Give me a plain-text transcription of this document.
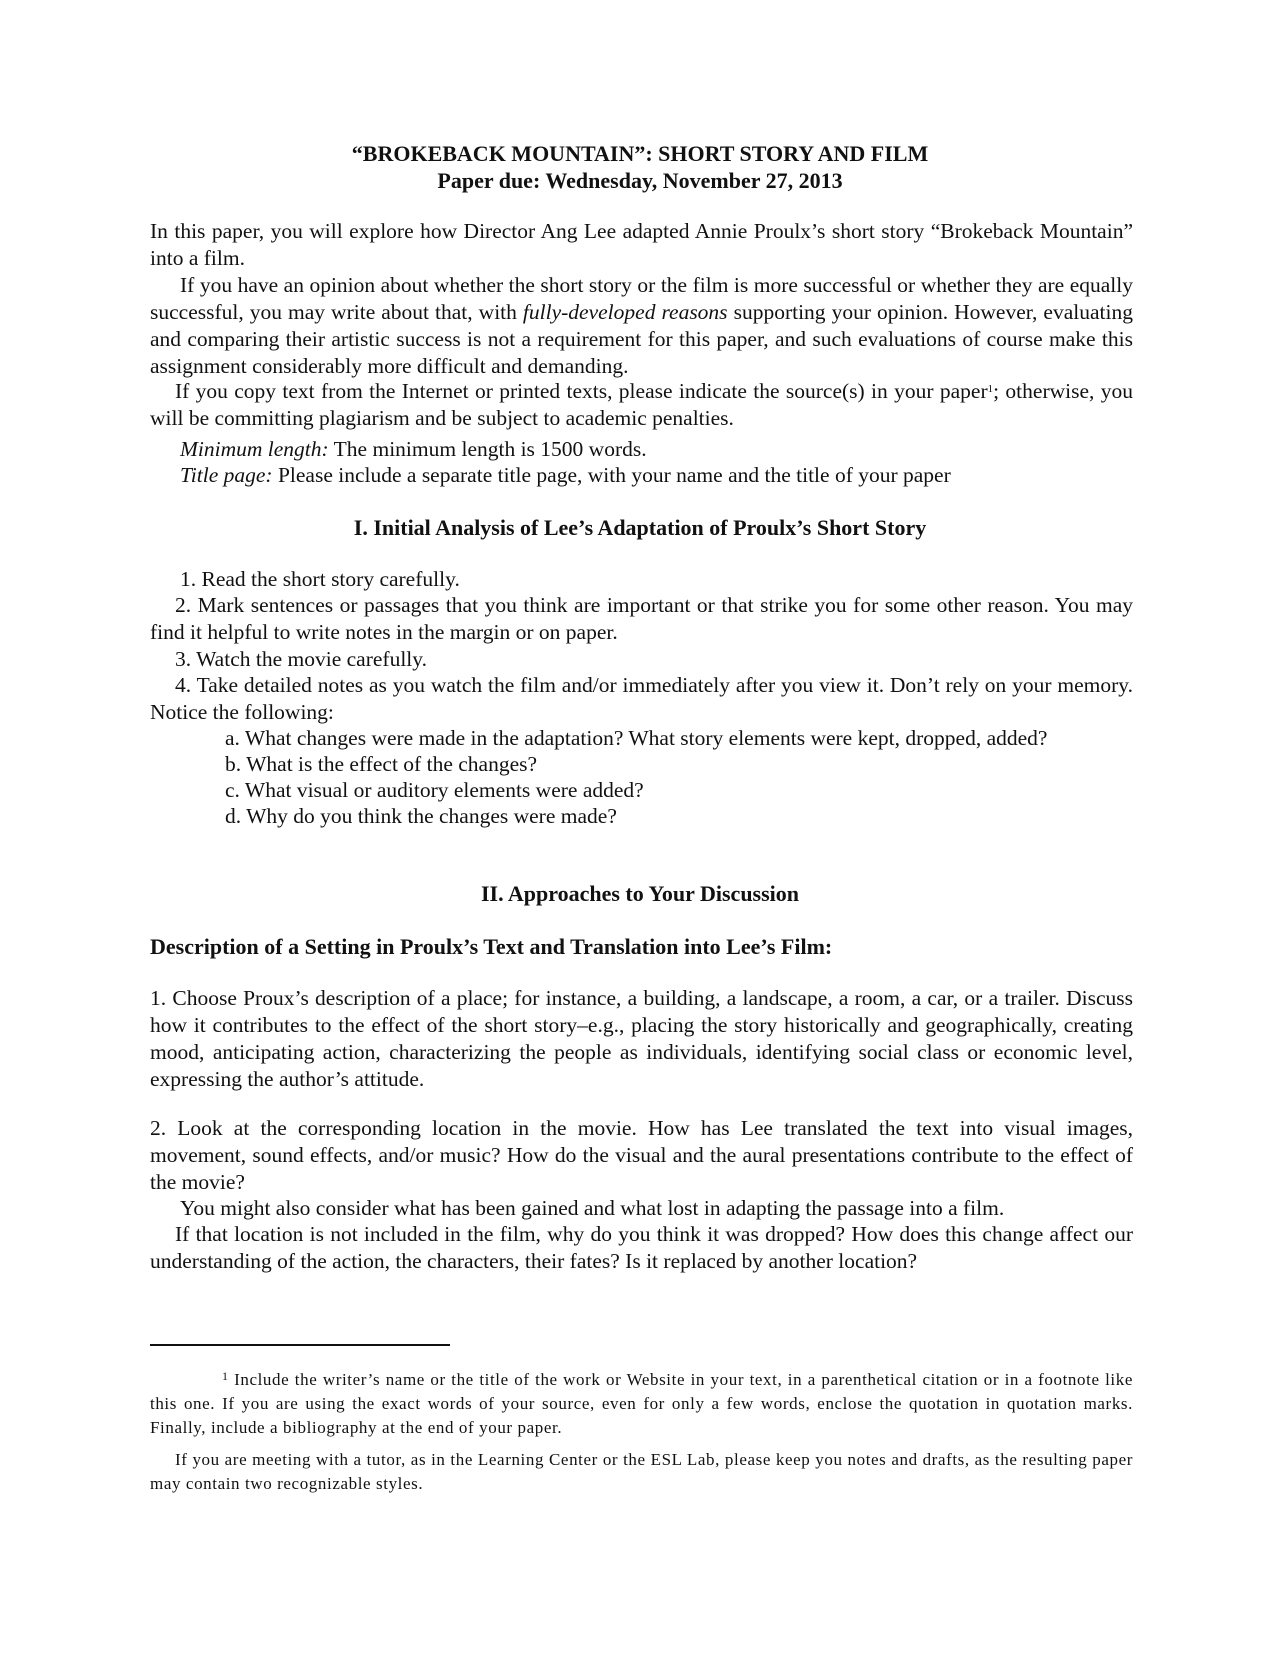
“BROKEBACK MOUNTAIN”: SHORT STORY AND FILM
Paper due: Wednesday, November 27, 2013
In this paper, you will explore how Director Ang Lee adapted Annie Proulx’s short story “Brokeback Mountain” into a film.
If you have an opinion about whether the short story or the film is more successful or whether they are equally successful, you may write about that, with fully-developed reasons supporting your opinion. However, evaluating and comparing their artistic success is not a requirement for this paper, and such evaluations of course make this assignment considerably more difficult and demanding.
If you copy text from the Internet or printed texts, please indicate the source(s) in your paper$^1$; otherwise, you will be committing plagiarism and be subject to academic penalties.
Minimum length: The minimum length is 1500 words.
Title page: Please include a separate title page, with your name and the title of your paper
I. Initial Analysis of Lee’s Adaptation of Proulx’s Short Story
1. Read the short story carefully.
2. Mark sentences or passages that you think are important or that strike you for some other reason. You may find it helpful to write notes in the margin or on paper.
3. Watch the movie carefully.
4. Take detailed notes as you watch the film and/or immediately after you view it. Don’t rely on your memory. Notice the following:
a. What changes were made in the adaptation? What story elements were kept, dropped, added?
b. What is the effect of the changes?
c. What visual or auditory elements were added?
d. Why do you think the changes were made?
II. Approaches to Your Discussion
Description of a Setting in Proulx’s Text and Translation into Lee’s Film:
1. Choose Proux’s description of a place; for instance, a building, a landscape, a room, a car, or a trailer. Discuss how it contributes to the effect of the short story–e.g., placing the story historically and geographically, creating mood, anticipating action, characterizing the people as individuals, identifying social class or economic level, expressing the author’s attitude.
2. Look at the corresponding location in the movie. How has Lee translated the text into visual images, movement, sound effects, and/or music? How do the visual and the aural presentations contribute to the effect of the movie?
You might also consider what has been gained and what lost in adapting the passage into a film.
If that location is not included in the film, why do you think it was dropped? How does this change affect our understanding of the action, the characters, their fates? Is it replaced by another location?
$^1$ Include the writer’s name or the title of the work or Website in your text, in a parenthetical citation or in a footnote like this one. If you are using the exact words of your source, even for only a few words, enclose the quotation in quotation marks. Finally, include a bibliography at the end of your paper.
If you are meeting with a tutor, as in the Learning Center or the ESL Lab, please keep you notes and drafts, as the resulting paper may contain two recognizable styles.
